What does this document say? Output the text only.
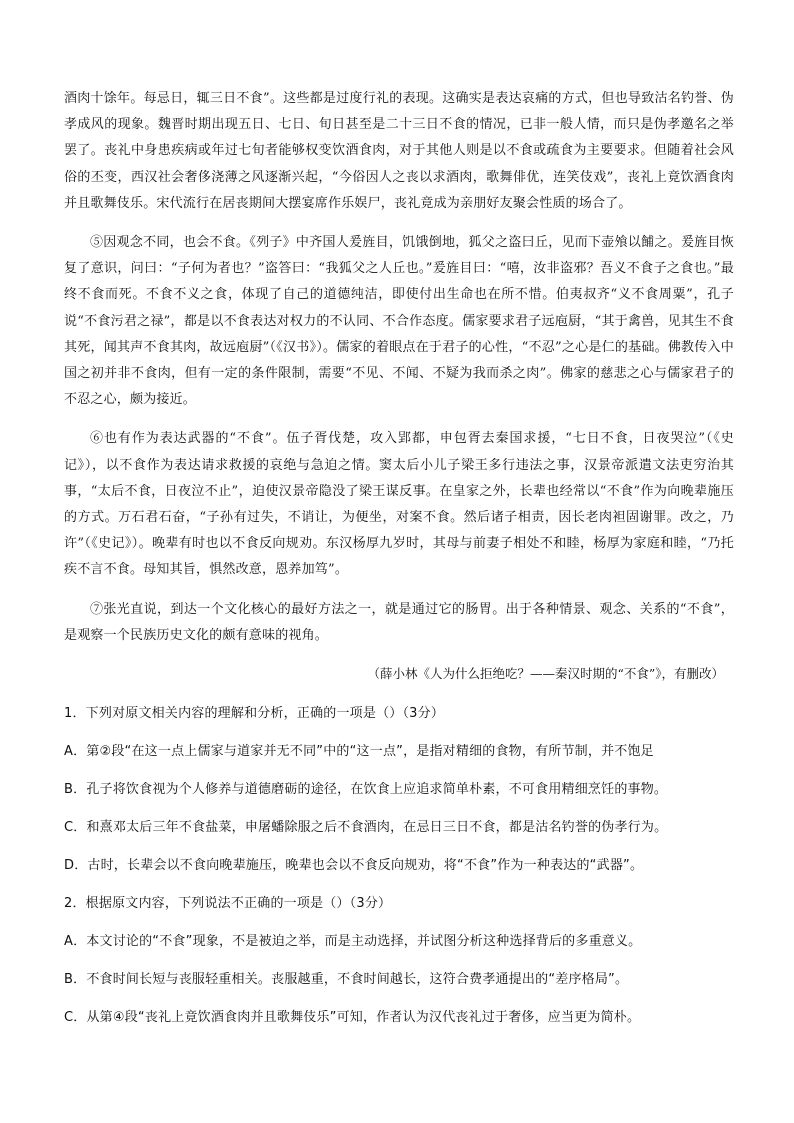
酒肉十馀年。每忌日，辄三日不食”。这些都是过度行礼的表现。这确实是表达哀痛的方式，但也导致沽名钓誉、伪孝成风的现象。魏晋时期出现五日、七日、旬日甚至是二十三日不食的情况，已非一般人情，而只是伪孝邀名之举罢了。丧礼中身患疾病或年过七旬者能够权变饮酒食肉，对于其他人则是以不食或疏食为主要要求。但随着社会风俗的丕变，西汉社会奢侈浇薄之风逐渐兴起，“今俗因人之丧以求酒肉，歌舞俳优，连笑伎戏”，丧礼上竟饮酒食肉并且歌舞伎乐。宋代流行在居丧期间大摆宴席作乐娱尸，丧礼竟成为亲朋好友聚会性质的场合了。

⑤因观念不同，也会不食。《列子》中齐国人爰旌目，饥饿倒地，狐父之盗曰丘，见而下壶飧以餔之。爰旌目恢复了意识，问曰：“子何为者也？”盗答曰：“我狐父之人丘也。”爰旌目曰：“嘻，汝非盗邪？吾义不食子之食也。”最终不食而死。不食不义之食，体现了自己的道德纯洁，即使付出生命也在所不惜。伯夷叔齐“义不食周粟”，孔子说“不食污君之禄”，都是以不食表达对权力的不认同、不合作态度。儒家要求君子远庖厨，“其于禽兽，见其生不食其死，闻其声不食其肉，故远庖厨”（《汉书》）。儒家的着眼点在于君子的心性，“不忍”之心是仁的基础。佛教传入中国之初并非不食肉，但有一定的条件限制，需要“不见、不闻、不疑为我而杀之肉”。佛家的慈悲之心与儒家君子的不忍之心，颇为接近。

⑥也有作为表达武器的“不食”。伍子胥伐楚，攻入郢都，申包胥去秦国求援，“七日不食，日夜哭泣”（《史记》），以不食作为表达请求救援的哀绝与急迫之情。窦太后小儿子梁王多行违法之事，汉景帝派遣文法吏穷治其事，“太后不食，日夜泣不止”，迫使汉景帝隐没了梁王谋反事。在皇家之外，长辈也经常以“不食”作为向晚辈施压的方式。万石君石奋，“子孙有过失，不诮让，为便坐，对案不食。然后诸子相责，因长老肉袒固谢罪。改之，乃许”（《史记》）。晚辈有时也以不食反向规劝。东汉杨厚九岁时，其母与前妻子相处不和睦，杨厚为家庭和睦，“乃托疾不言不食。母知其旨，惧然改意，恩养加笃”。

⑦张光直说，到达一个文化核心的最好方法之一，就是通过它的肠胃。出于各种情景、观念、关系的“不食”，是观察一个民族历史文化的颇有意味的视角。

（薛小林《人为什么拒绝吃？——秦汉时期的“不食”》，有删改）
1．下列对原文相关内容的理解和分析，正确的一项是（）（3分）
A．第②段“在这一点上儒家与道家并无不同”中的“这一点”，是指对精细的食物，有所节制，并不饱足
B．孔子将饮食视为个人修养与道德磨砺的途径，在饮食上应追求简单朴素，不可食用精细烹饪的事物。
C．和熹邓太后三年不食盐菜，申屠蟠除服之后不食酒肉，在忌日三日不食，都是沽名钓誉的伪孝行为。
D．古时，长辈会以不食向晚辈施压，晚辈也会以不食反向规劝，将“不食”作为一种表达的“武器”。
2．根据原文内容，下列说法不正确的一项是（）（3分）
A．本文讨论的“不食”现象，不是被迫之举，而是主动选择，并试图分析这种选择背后的多重意义。
B．不食时间长短与丧服轻重相关。丧服越重，不食时间越长，这符合费孝通提出的“差序格局”。
C．从第④段“丧礼上竟饮酒食肉并且歌舞伎乐”可知，作者认为汉代丧礼过于奢侈，应当更为简朴。
